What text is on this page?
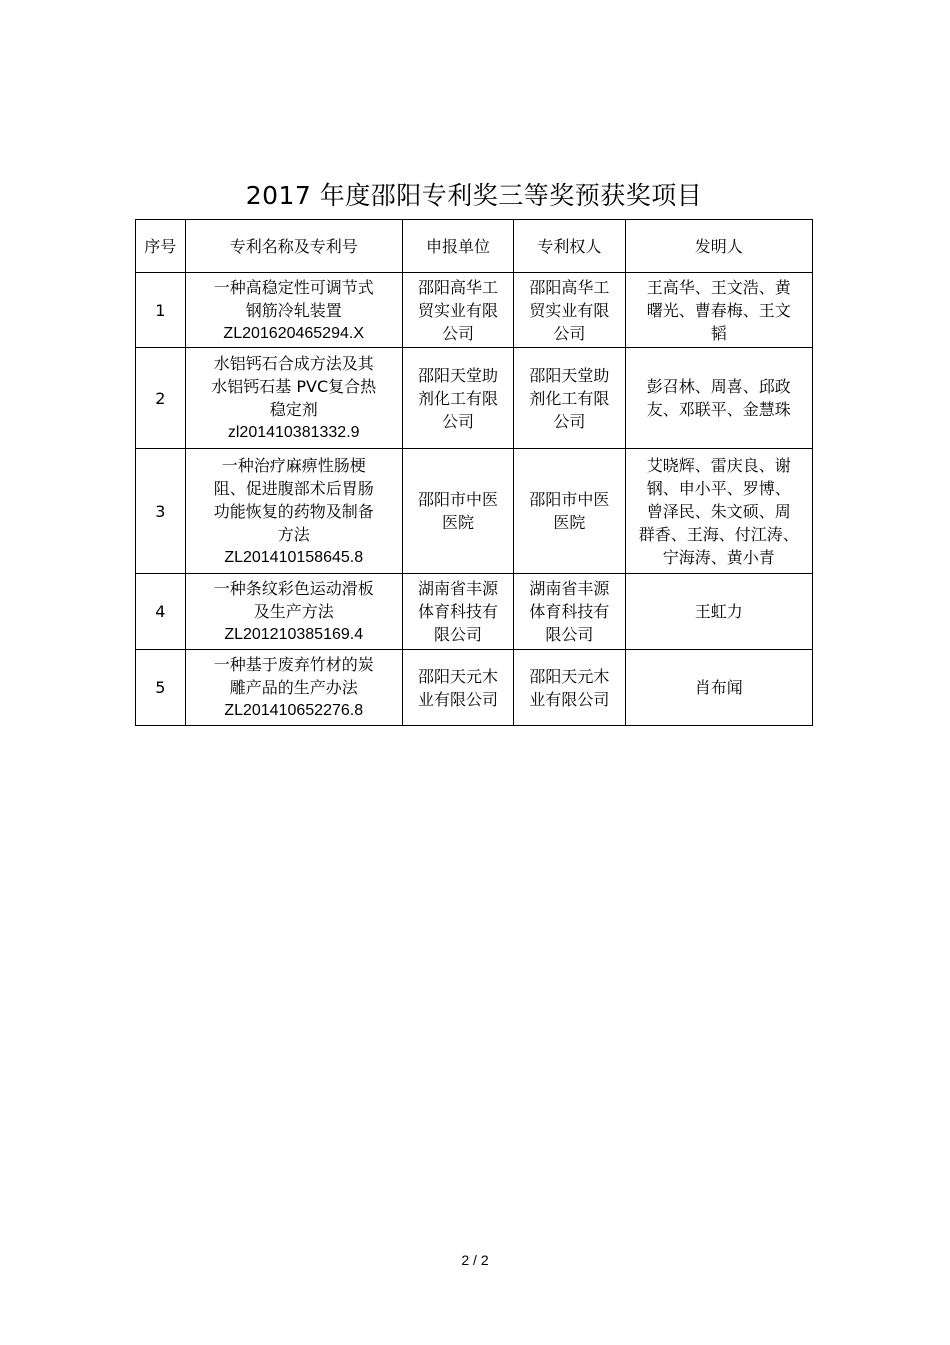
2017 年度邵阳专利奖三等奖预获奖项目
序号	专利名称及专利号	申报单位	专利权人	发明人
1	一种高稳定性可调节式
钢筋冷轧装置
ZL201620465294.X	邵阳高华工
贸实业有限
公司	邵阳高华工
贸实业有限
公司	王高华、王文浩、黄
曙光、曹春梅、王文
韬

2	水铝钙石合成方法及其
水铝钙石基 PVC复合热
稳定剂
zl201410381332.9	邵阳天堂助
剂化工有限
公司	邵阳天堂助
剂化工有限
公司	彭召林、周喜、邱政
友、邓联平、金慧珠

3	一种治疗麻痹性肠梗
阻、促进腹部术后胃肠
功能恢复的药物及制备
方法
ZL201410158645.8	邵阳市中医
医院	邵阳市中医
医院	艾晓辉、雷庆良、谢
钢、申小平、罗博、
曾泽民、朱文硕、周
群香、王海、付江涛、
宁海涛、黄小青

4	一种条纹彩色运动滑板
及生产方法
ZL201210385169.4	湖南省丰源
体育科技有
限公司	湖南省丰源
体育科技有
限公司	王虹力

5	一种基于废弃竹材的炭
雕产品的生产办法
ZL201410652276.8	邵阳天元木
业有限公司	邵阳天元木
业有限公司	肖布闻
2 / 2
